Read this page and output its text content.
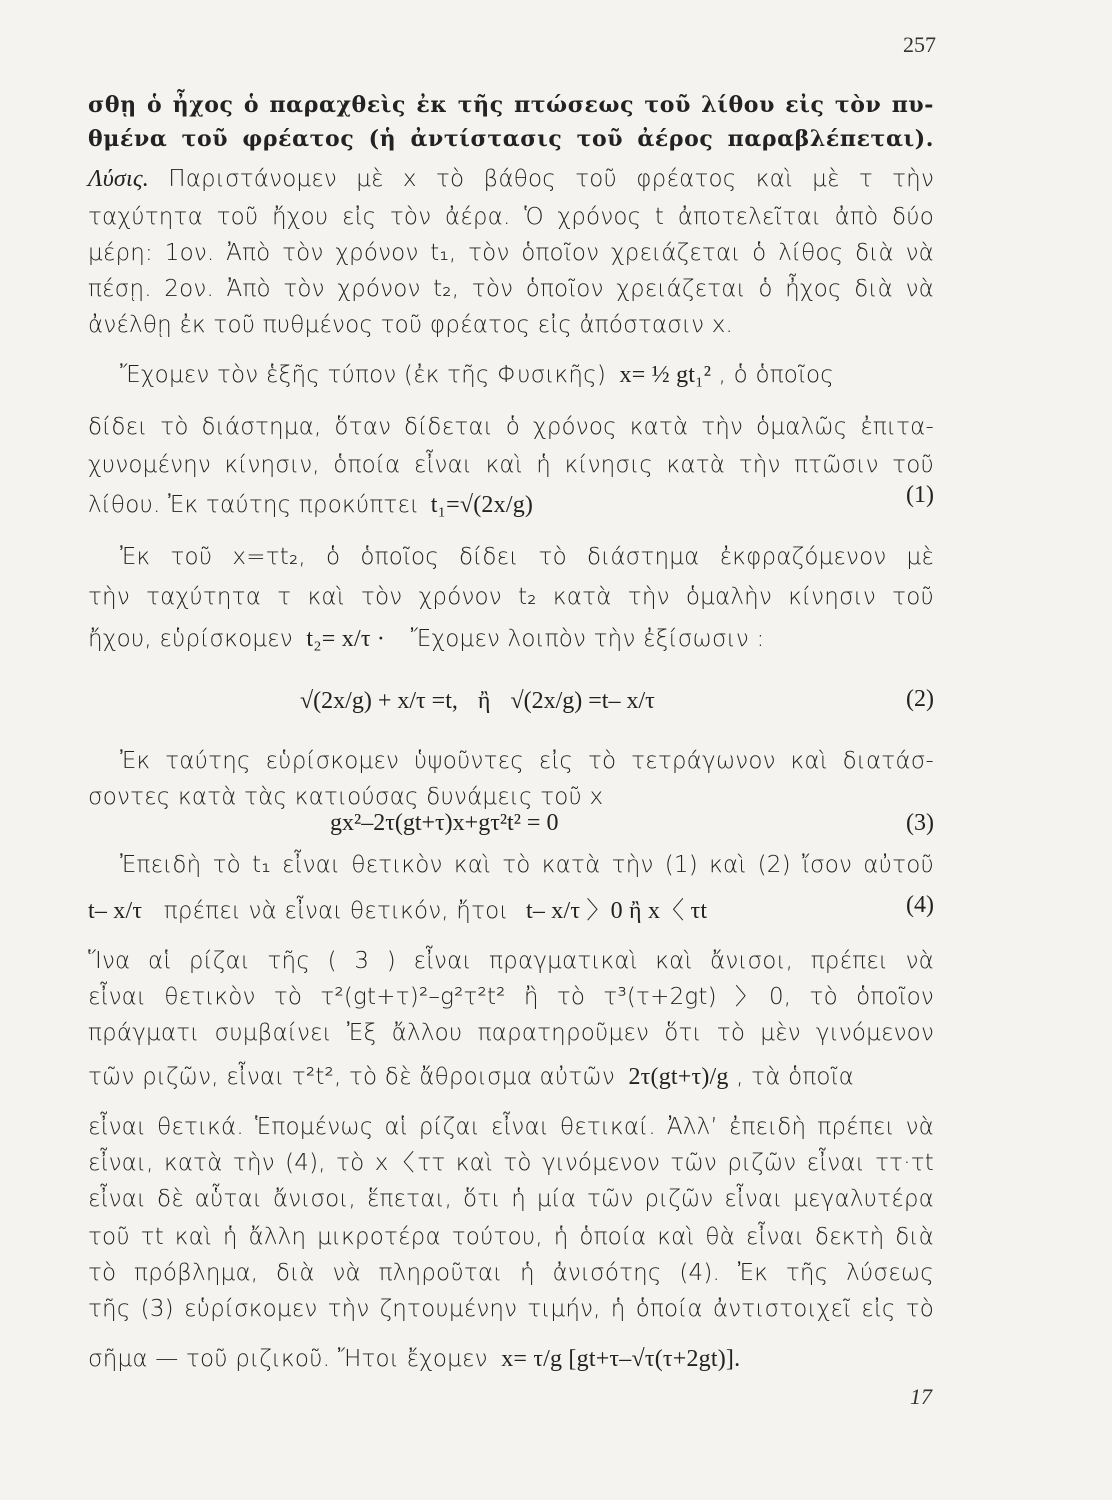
257
σθῃ ὁ ἦχος ὁ παραχθεὶς ἐκ τῆς πτώσεως τοῦ λίθου εἰς τὸν πυ-
θμένα τοῦ φρέατος (ἡ ἀντίστασις τοῦ ἀέρος παραβλέπεται).
Λύσις. Παριστάνομεν μὲ x τὸ βάθος τοῦ φρέατος καὶ μὲ τ τὴν
ταχύτητα τοῦ ἤχου εἰς τὸν ἀέρα. Ὁ χρόνος t ἀποτελεῖται ἀπὸ δύο
μέρη: 1ον. Ἀπὸ τὸν χρόνον t₁, τὸν ὁποῖον χρειάζεται ὁ λίθος διὰ νὰ
πέσῃ. 2ον. Ἀπὸ τὸν χρόνον t₂, τὸν ὁποῖον χρειάζεται ὁ ἦχος διὰ νὰ
ἀνέλθῃ ἐκ τοῦ πυθμένος τοῦ φρέατος εἰς ἀπόστασιν x.
Ἔχομεν τὸν ἑξῆς τύπον (ἐκ τῆς Φυσικῆς) x= ½ gt₁² , ὁ ὁποῖος
δίδει τὸ διάστημα, ὅταν δίδεται ὁ χρόνος κατὰ τὴν ὁμαλῶς ἐπιτα-
χυνομένην κίνησιν, ὁποία εἶναι καὶ ἡ κίνησις κατὰ τὴν πτῶσιν τοῦ
λίθου. Ἐκ ταύτης προκύπτει t₁=√(2x/g)	(1)
Ἐκ τοῦ x=τt₂, ὁ ὁποῖος δίδει τὸ διάστημα ἐκφραζόμενον μὲ
τὴν ταχύτητα τ καὶ τὸν χρόνον t₂ κατὰ τὴν ὁμαλὴν κίνησιν τοῦ
ἤχου, εὑρίσκομεν t₂= x/τ · Ἔχομεν λοιπὸν τὴν ἐξίσωσιν :
√(2x/g) + x/τ =t, ἢ √(2x/g) =t– x/τ	(2)
Ἐκ ταύτης εὑρίσκομεν ὑψοῦντες εἰς τὸ τετράγωνον καὶ διατάσ-
σοντες κατὰ τὰς κατιούσας δυνάμεις τοῦ x
gx²–2τ(gt+τ)x+gτ²t² = 0	(3)
Ἐπειδὴ τὸ t₁ εἶναι θετικὸν καὶ τὸ κατὰ τὴν (1) καὶ (2) ἴσον αὐτοῦ
t– x/τ πρέπει νὰ εἶναι θετικόν, ἤτοι t– x/τ 〉0 ἢ x〈 τt	(4)
Ἵνα αἱ ρίζαι τῆς ( 3 ) εἶναι πραγματικαὶ καὶ ἄνισοι, πρέπει νὰ
εἶναι θετικὸν τὸ τ²(gt+τ)²–g²τ²t² ἢ τὸ τ³(τ+2gt) 〉0, τὸ ὁποῖον
πράγματι συμβαίνει Ἐξ ἄλλου παρατηροῦμεν ὅτι τὸ μὲν γινόμενον
τῶν ριζῶν, εἶναι τ²t², τὸ δὲ ἄθροισμα αὐτῶν 2τ(gt+τ)/g , τὰ ὁποῖα
εἶναι θετικά. Ἑπομένως αἱ ρίζαι εἶναι θετικαί. Ἀλλ’ ἐπειδὴ πρέπει νὰ
εἶναι, κατὰ τὴν (4), τὸ x〈ττ καὶ τὸ γινόμενον τῶν ριζῶν εἶναι ττ·τt
εἶναι δὲ αὗται ἄνισοι, ἕπεται, ὅτι ἡ μία τῶν ριζῶν εἶναι μεγαλυτέρα
τοῦ τt καὶ ἡ ἄλλη μικροτέρα τούτου, ἡ ὁποία καὶ θὰ εἶναι δεκτὴ διὰ
τὸ πρόβλημα, διὰ νὰ πληροῦται ἡ ἀνισότης (4). Ἐκ τῆς λύσεως
τῆς (3) εὑρίσκομεν τὴν ζητουμένην τιμήν, ἡ ὁποία ἀντιστοιχεῖ εἰς τὸ
σῆμα — τοῦ ριζικοῦ. Ἤτοι ἔχομεν x= τ/g [gt+τ–√τ(τ+2gt)].
17
